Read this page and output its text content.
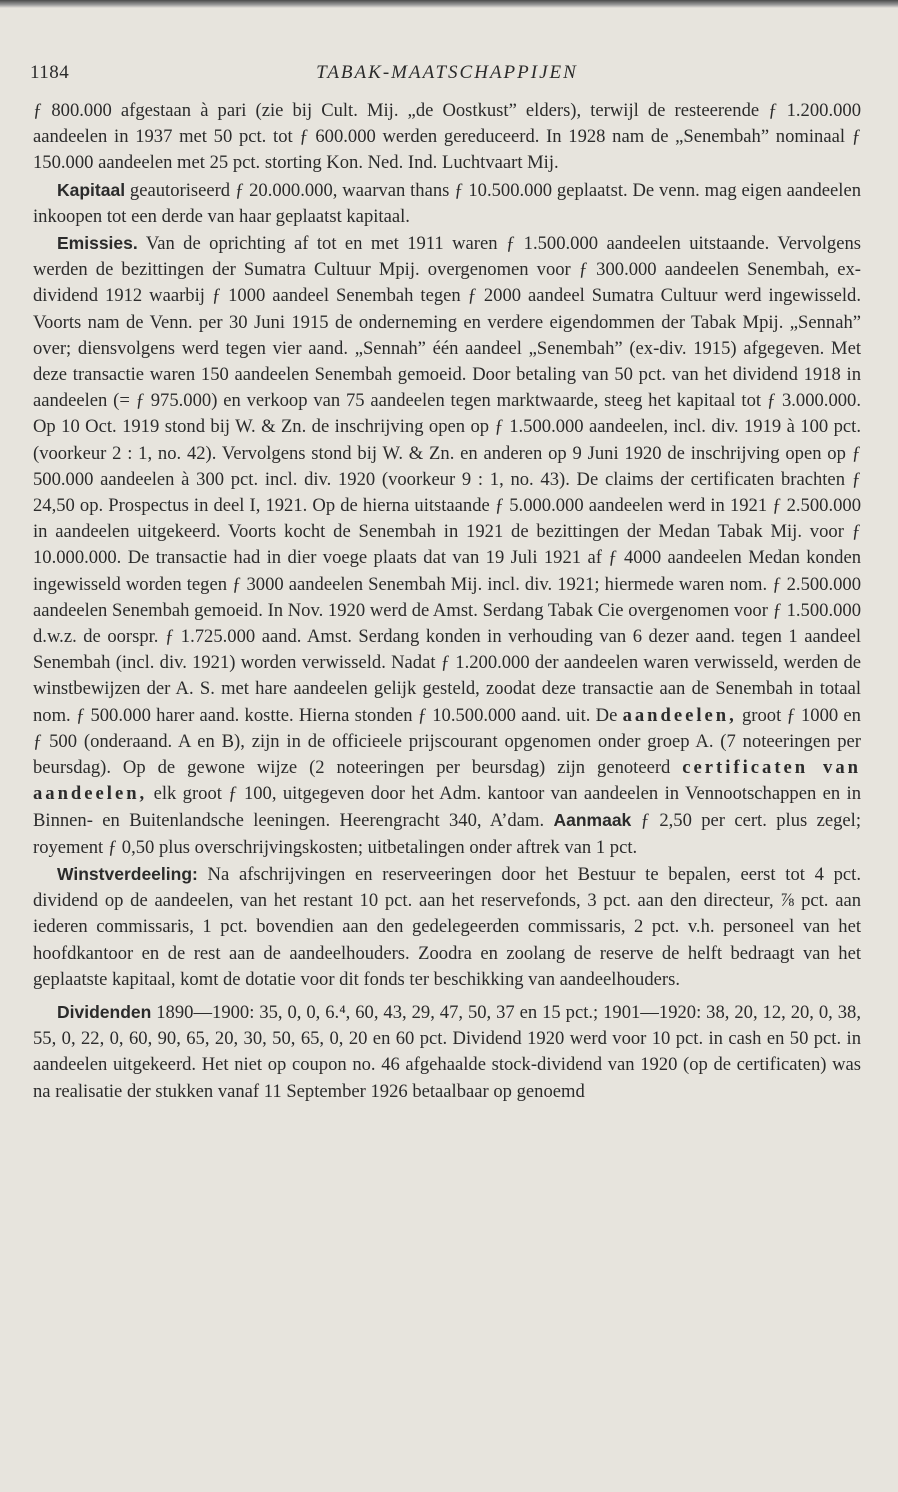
1184	TABAK-MAATSCHAPPIJEN

ƒ 800.000 afgestaan à pari (zie bij Cult. Mij. „de Oostkust” elders), terwijl de resteerende ƒ 1.200.000 aandeelen in 1937 met 50 pct. tot ƒ 600.000 werden gereduceerd. In 1928 nam de „Senembah” nominaal ƒ 150.000 aandeelen met 25 pct. storting Kon. Ned. Ind. Luchtvaart Mij.

Kapitaal geautoriseerd ƒ 20.000.000, waarvan thans ƒ 10.500.000 geplaatst. De venn. mag eigen aandeelen inkoopen tot een derde van haar geplaatst kapitaal.

Emissies. Van de oprichting af tot en met 1911 waren ƒ 1.500.000 aandeelen uitstaande. Vervolgens werden de bezittingen der Sumatra Cultuur Mpij. overgenomen voor ƒ 300.000 aandeelen Senembah, ex-dividend 1912 waarbij ƒ 1000 aandeel Senembah tegen ƒ 2000 aandeel Sumatra Cultuur werd ingewisseld. Voorts nam de Venn. per 30 Juni 1915 de onderneming en verdere eigendommen der Tabak Mpij. „Sennah” over; diensvolgens werd tegen vier aand. „Sennah” één aandeel „Senembah” (ex-div. 1915) afgegeven. Met deze transactie waren 150 aandeelen Senembah gemoeid. Door betaling van 50 pct. van het dividend 1918 in aandeelen (= ƒ 975.000) en verkoop van 75 aandeelen tegen marktwaarde, steeg het kapitaal tot ƒ 3.000.000. Op 10 Oct. 1919 stond bij W. & Zn. de inschrijving open op ƒ 1.500.000 aandeelen, incl. div. 1919 à 100 pct. (voorkeur 2 : 1, no. 42). Vervolgens stond bij W. & Zn. en anderen op 9 Juni 1920 de inschrijving open op ƒ 500.000 aandeelen à 300 pct. incl. div. 1920 (voorkeur 9 : 1, no. 43). De claims der certificaten brachten ƒ 24,50 op. Prospectus in deel I, 1921. Op de hierna uitstaande ƒ 5.000.000 aandeelen werd in 1921 ƒ 2.500.000 in aandeelen uitgekeerd. Voorts kocht de Senembah in 1921 de bezittingen der Medan Tabak Mij. voor ƒ 10.000.000. De transactie had in dier voege plaats dat van 19 Juli 1921 af ƒ 4000 aandeelen Medan konden ingewisseld worden tegen ƒ 3000 aandeelen Senembah Mij. incl. div. 1921; hiermede waren nom. ƒ 2.500.000 aandeelen Senembah gemoeid. In Nov. 1920 werd de Amst. Serdang Tabak Cie overgenomen voor ƒ 1.500.000 d.w.z. de oorspr. ƒ 1.725.000 aand. Amst. Serdang konden in verhouding van 6 dezer aand. tegen 1 aandeel Senembah (incl. div. 1921) worden verwisseld. Nadat ƒ 1.200.000 der aandeelen waren verwisseld, werden de winstbewijzen der A. S. met hare aandeelen gelijk gesteld, zoodat deze transactie aan de Senembah in totaal nom. ƒ 500.000 harer aand. kostte. Hierna stonden ƒ 10.500.000 aand. uit. De aandeelen, groot ƒ 1000 en ƒ 500 (onderaand. A en B), zijn in de officieele prijscourant opgenomen onder groep A. (7 noteeringen per beursdag). Op de gewone wijze (2 noteeringen per beursdag) zijn genoteerd certificaten van aandeelen, elk groot ƒ 100, uitgegeven door het Adm. kantoor van aandeelen in Vennootschappen en in Binnen- en Buitenlandsche leeningen. Heerengracht 340, A’dam. Aanmaak ƒ 2,50 per cert. plus zegel; royement ƒ 0,50 plus overschrijvingskosten; uitbetalingen onder aftrek van 1 pct.

Winstverdeeling: Na afschrijvingen en reserveeringen door het Bestuur te bepalen, eerst tot 4 pct. dividend op de aandeelen, van het restant 10 pct. aan het reservefonds, 3 pct. aan den directeur, ⅞ pct. aan iederen commissaris, 1 pct. bovendien aan den gedelegeerden commissaris, 2 pct. v.h. personeel van het hoofdkantoor en de rest aan de aandeelhouders. Zoodra en zoolang de reserve de helft bedraagt van het geplaatste kapitaal, komt de dotatie voor dit fonds ter beschikking van aandeelhouders.

Dividenden 1890—1900: 35, 0, 0, 6.⁴, 60, 43, 29, 47, 50, 37 en 15 pct.; 1901—1920: 38, 20, 12, 20, 0, 38, 55, 0, 22, 0, 60, 90, 65, 20, 30, 50, 65, 0, 20 en 60 pct. Dividend 1920 werd voor 10 pct. in cash en 50 pct. in aandeelen uitgekeerd. Het niet op coupon no. 46 afgehaalde stock-dividend van 1920 (op de certificaten) was na realisatie der stukken vanaf 11 September 1926 betaalbaar op genoemd
